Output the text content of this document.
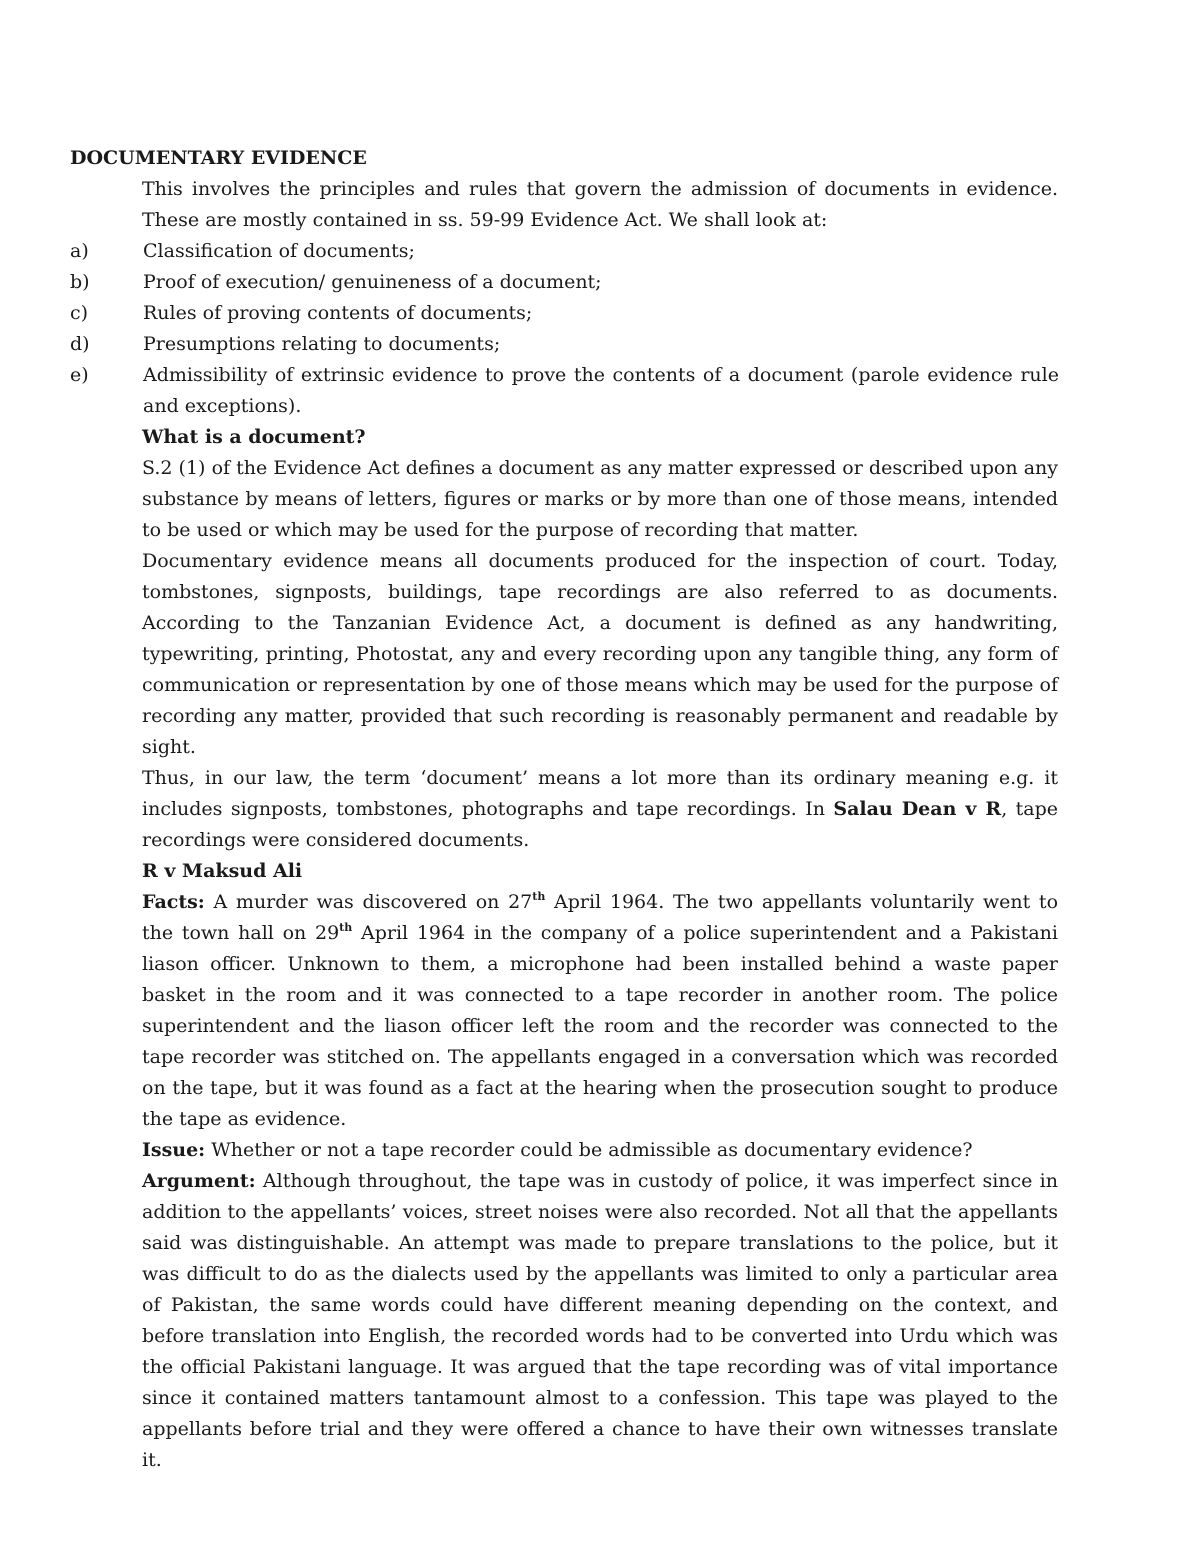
DOCUMENTARY EVIDENCE

This involves the principles and rules that govern the admission of documents in evidence. These are mostly contained in ss. 59-99 Evidence Act. We shall look at:

a)	Classification of documents;
b)	Proof of execution/ genuineness of a document;
c)	Rules of proving contents of documents;
d)	Presumptions relating to documents;
e)	Admissibility of extrinsic evidence to prove the contents of a document (parole evidence rule and exceptions).

What is a document?

S.2 (1) of the Evidence Act defines a document as any matter expressed or described upon any substance by means of letters, figures or marks or by more than one of those means, intended to be used or which may be used for the purpose of recording that matter.

Documentary evidence means all documents produced for the inspection of court. Today, tombstones, signposts, buildings, tape recordings are also referred to as documents. According to the Tanzanian Evidence Act, a document is defined as any handwriting, typewriting, printing, Photostat, any and every recording upon any tangible thing, any form of communication or representation by one of those means which may be used for the purpose of recording any matter, provided that such recording is reasonably permanent and readable by sight.

Thus, in our law, the term ‘document’ means a lot more than its ordinary meaning e.g. it includes signposts, tombstones, photographs and tape recordings. In Salau Dean v R, tape recordings were considered documents.

R v Maksud Ali

Facts: A murder was discovered on 27th April 1964. The two appellants voluntarily went to the town hall on 29th April 1964 in the company of a police superintendent and a Pakistani liason officer. Unknown to them, a microphone had been installed behind a waste paper basket in the room and it was connected to a tape recorder in another room. The police superintendent and the liason officer left the room and the recorder was connected to the tape recorder was stitched on. The appellants engaged in a conversation which was recorded on the tape, but it was found as a fact at the hearing when the prosecution sought to produce the tape as evidence.

Issue: Whether or not a tape recorder could be admissible as documentary evidence?

Argument: Although throughout, the tape was in custody of police, it was imperfect since in addition to the appellants’ voices, street noises were also recorded. Not all that the appellants said was distinguishable. An attempt was made to prepare translations to the police, but it was difficult to do as the dialects used by the appellants was limited to only a particular area of Pakistan, the same words could have different meaning depending on the context, and before translation into English, the recorded words had to be converted into Urdu which was the official Pakistani language. It was argued that the tape recording was of vital importance since it contained matters tantamount almost to a confession. This tape was played to the appellants before trial and they were offered a chance to have their own witnesses translate it.
